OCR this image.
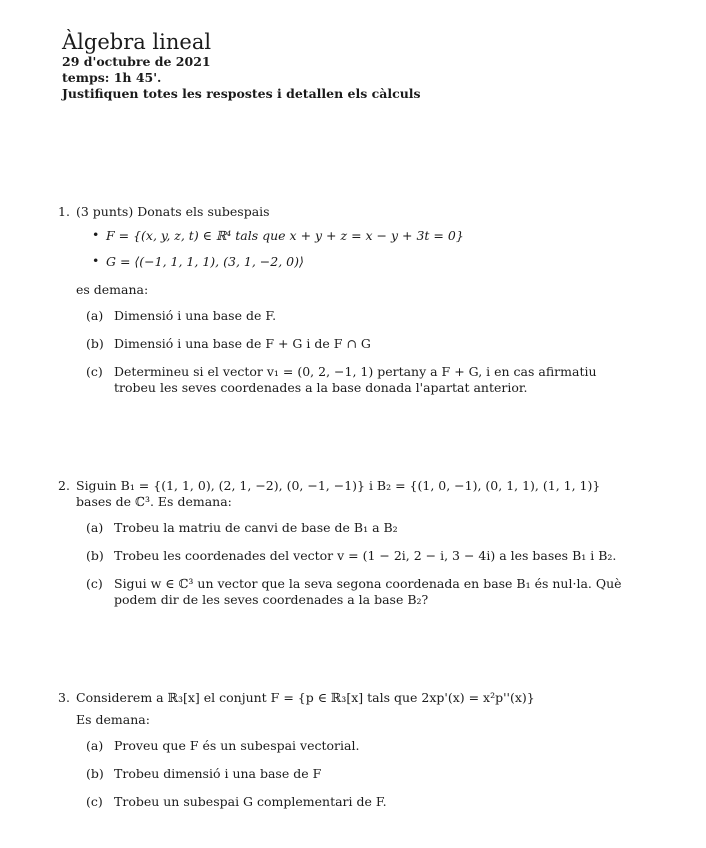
Àlgebra lineal
29 d'octubre de 2021
temps: 1h 45'.
Justifiquen totes les respostes i detallen els càlculs
1. (3 punts) Donats els subespais
• F = {(x, y, z, t) ∈ ℝ⁴ tals que x + y + z = x − y + 3t = 0}
• G = ⟨(−1, 1, 1, 1), (3, 1, −2, 0)⟩
es demana:
(a) Dimensió i una base de F.
(b) Dimensió i una base de F + G i de F ∩ G
(c) Determineu si el vector v₁ = (0, 2, −1, 1) pertany a F + G, i en cas afirmatiu trobeu les seves coordenades a la base donada l'apartat anterior.
2. Siguin B₁ = {(1, 1, 0), (2, 1, −2), (0, −1, −1)} i B₂ = {(1, 0, −1), (0, 1, 1), (1, 1, 1)} bases de ℂ³. Es demana:
(a) Trobeu la matriu de canvi de base de B₁ a B₂
(b) Trobeu les coordenades del vector v = (1 − 2i, 2 − i, 3 − 4i) a les bases B₁ i B₂.
(c) Sigui w ∈ ℂ³ un vector que la seva segona coordenada en base B₁ és nul·la. Què podem dir de les seves coordenades a la base B₂?
3. Considerem a ℝ₃[x] el conjunt F = {p ∈ ℝ₃[x] tals que 2xp'(x) = x²p''(x)}
Es demana:
(a) Proveu que F és un subespai vectorial.
(b) Trobeu dimensió i una base de F
(c) Trobeu un subespai G complementari de F.
